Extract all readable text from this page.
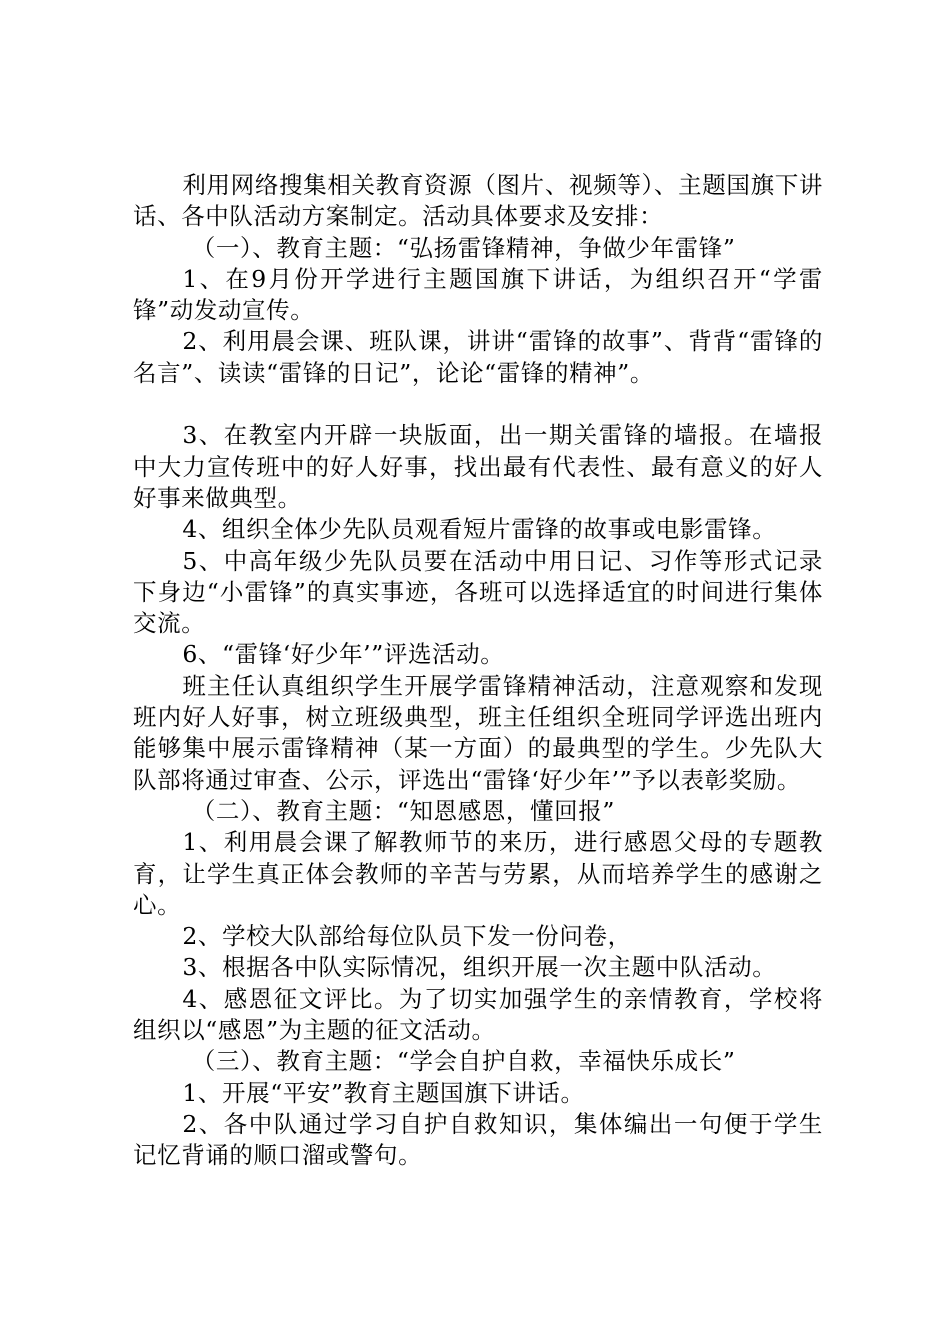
利用网络搜集相关教育资源（图片、视频等）、主题国旗下讲话、各中队活动方案制定。活动具体要求及安排：

（一）、教育主题：“弘扬雷锋精神，争做少年雷锋”

1、在9月份开学进行主题国旗下讲话，为组织召开“学雷锋”动发动宣传。

2、利用晨会课、班队课，讲讲“雷锋的故事”、背背“雷锋的名言”、读读“雷锋的日记”，论论“雷锋的精神”。

3、在教室内开辟一块版面，出一期关雷锋的墙报。在墙报中大力宣传班中的好人好事，找出最有代表性、最有意义的好人好事来做典型。

4、组织全体少先队员观看短片雷锋的故事或电影雷锋。

5、中高年级少先队员要在活动中用日记、习作等形式记录下身边“小雷锋”的真实事迹，各班可以选择适宜的时间进行集体交流。

6、“雷锋‘好少年’”评选活动。

班主任认真组织学生开展学雷锋精神活动，注意观察和发现班内好人好事，树立班级典型，班主任组织全班同学评选出班内能够集中展示雷锋精神（某一方面）的最典型的学生。少先队大队部将通过审查、公示，评选出“雷锋‘好少年’”予以表彰奖励。

（二）、教育主题：“知恩感恩，懂回报”

1、利用晨会课了解教师节的来历，进行感恩父母的专题教育，让学生真正体会教师的辛苦与劳累，从而培养学生的感谢之心。

2、学校大队部给每位队员下发一份问卷，

3、根据各中队实际情况，组织开展一次主题中队活动。

4、感恩征文评比。为了切实加强学生的亲情教育，学校将组织以“感恩”为主题的征文活动。

（三）、教育主题：“学会自护自救，幸福快乐成长”

1、开展“平安”教育主题国旗下讲话。

2、各中队通过学习自护自救知识，集体编出一句便于学生记忆背诵的顺口溜或警句。
